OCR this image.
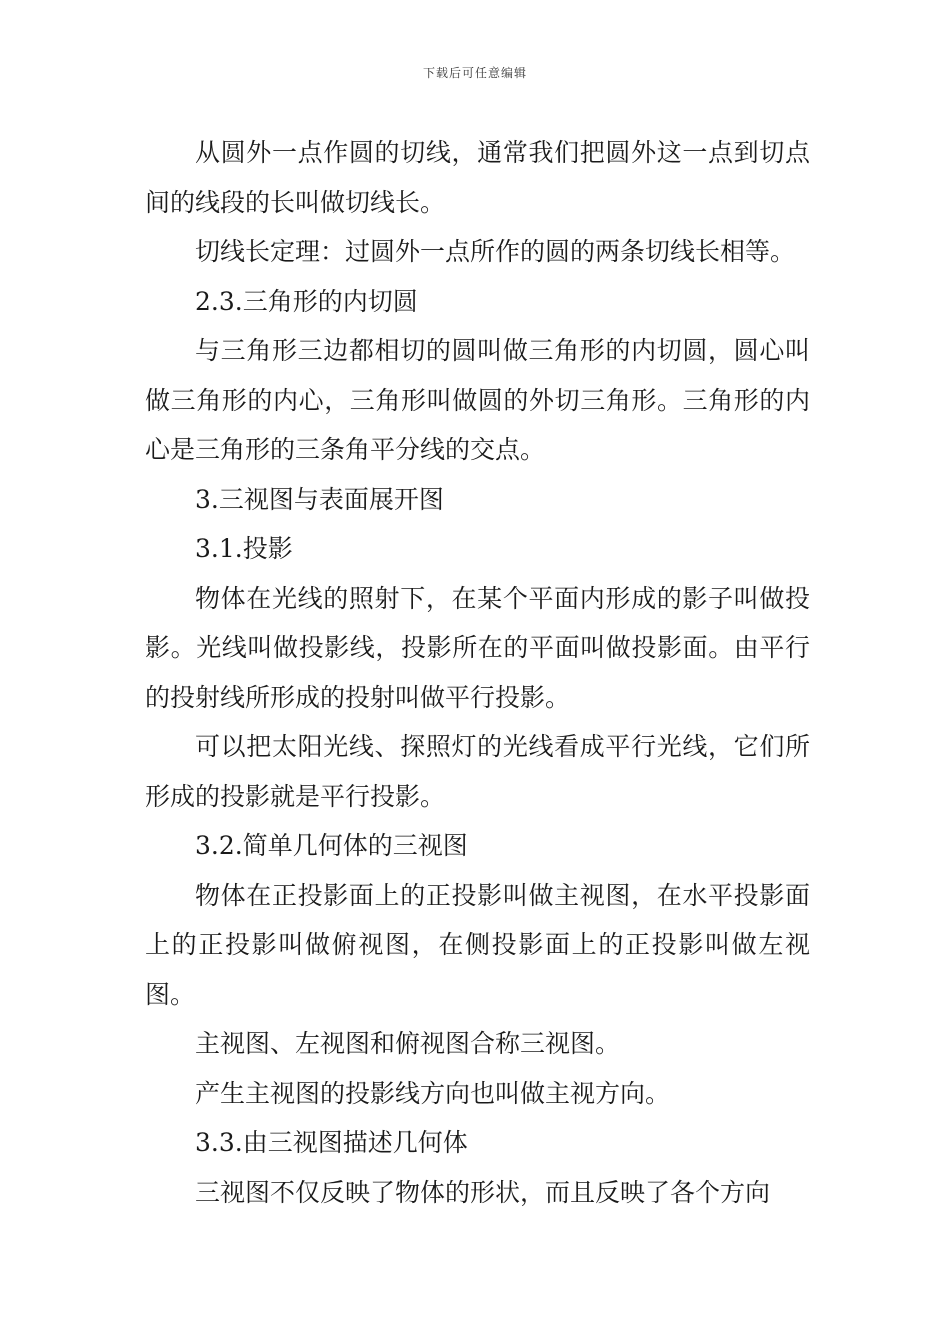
下载后可任意编辑

从圆外一点作圆的切线，通常我们把圆外这一点到切点间的线段的长叫做切线长。

切线长定理：过圆外一点所作的圆的两条切线长相等。

2.3.三角形的内切圆

与三角形三边都相切的圆叫做三角形的内切圆，圆心叫做三角形的内心，三角形叫做圆的外切三角形。三角形的内心是三角形的三条角平分线的交点。

3.三视图与表面展开图

3.1.投影

物体在光线的照射下，在某个平面内形成的影子叫做投影。光线叫做投影线，投影所在的平面叫做投影面。由平行的投射线所形成的投射叫做平行投影。

可以把太阳光线、探照灯的光线看成平行光线，它们所形成的投影就是平行投影。

3.2.简单几何体的三视图

物体在正投影面上的正投影叫做主视图，在水平投影面上的正投影叫做俯视图，在侧投影面上的正投影叫做左视图。

主视图、左视图和俯视图合称三视图。

产生主视图的投影线方向也叫做主视方向。

3.3.由三视图描述几何体

三视图不仅反映了物体的形状，而且反映了各个方向
